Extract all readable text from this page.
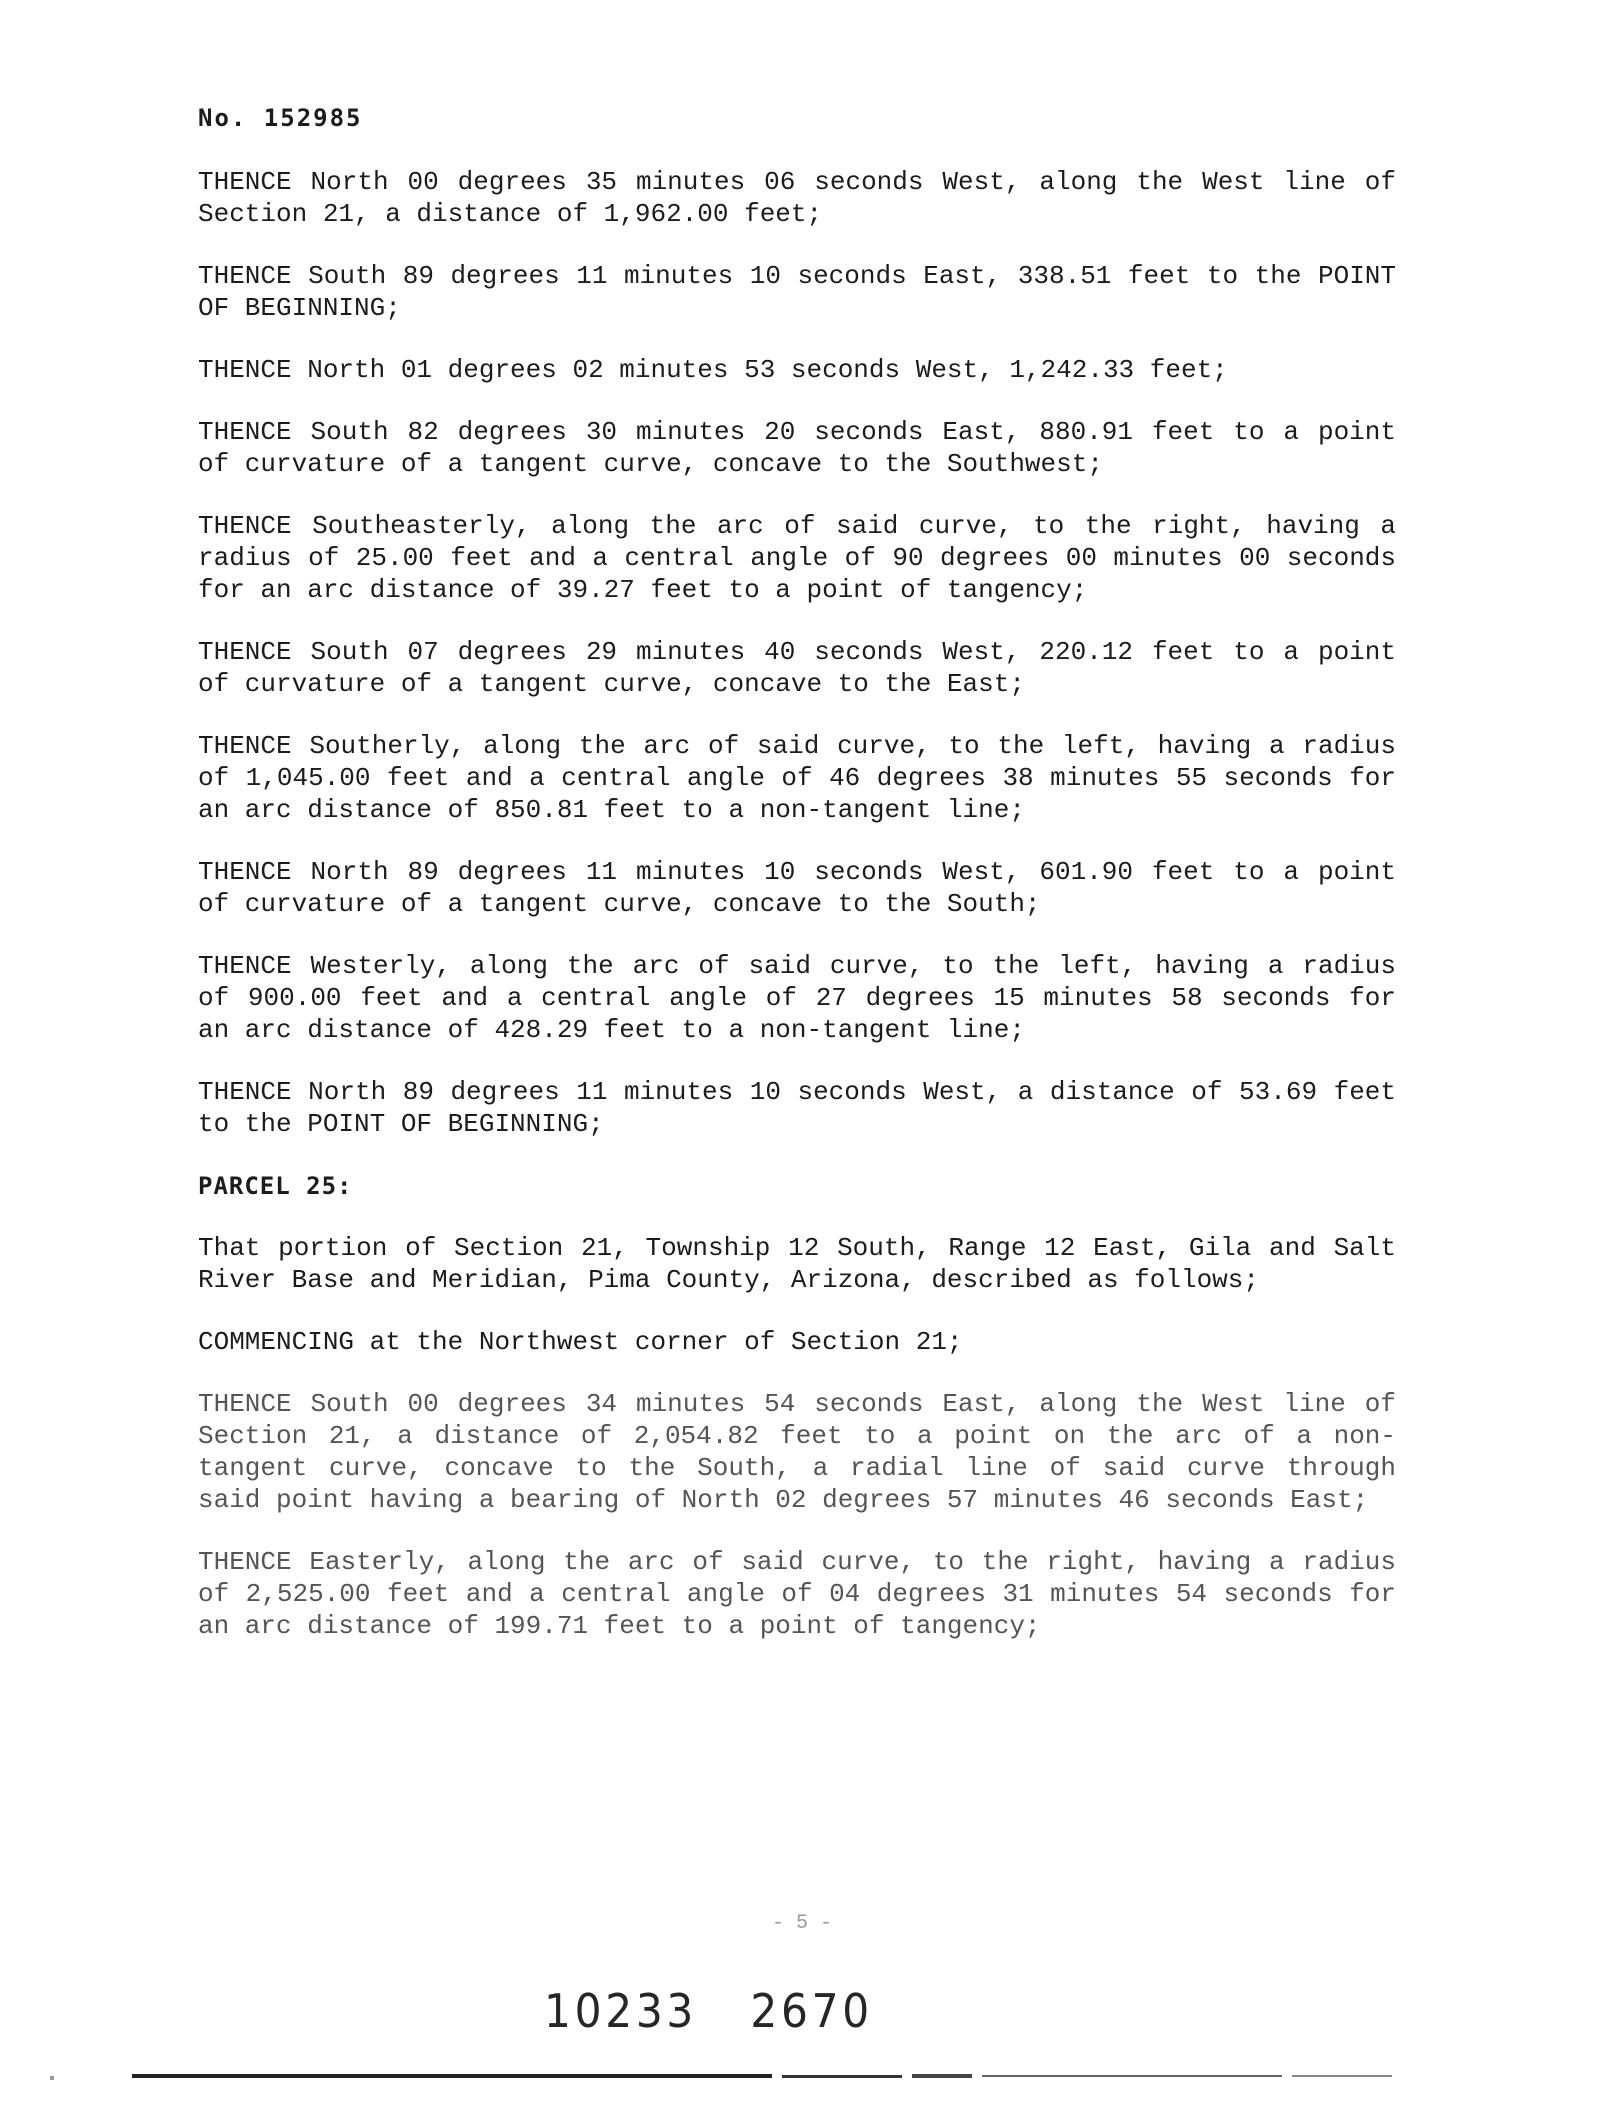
No. 152985

THENCE North 00 degrees 35 minutes 06 seconds West, along the West line of Section 21, a distance of 1,962.00 feet;

THENCE South 89 degrees 11 minutes 10 seconds East, 338.51 feet to the POINT OF BEGINNING;

THENCE North 01 degrees 02 minutes 53 seconds West, 1,242.33 feet;

THENCE South 82 degrees 30 minutes 20 seconds East, 880.91 feet to a point of curvature of a tangent curve, concave to the Southwest;

THENCE Southeasterly, along the arc of said curve, to the right, having a radius of 25.00 feet and a central angle of 90 degrees 00 minutes 00 seconds for an arc distance of 39.27 feet to a point of tangency;

THENCE South 07 degrees 29 minutes 40 seconds West, 220.12 feet to a point of curvature of a tangent curve, concave to the East;

THENCE Southerly, along the arc of said curve, to the left, having a radius of 1,045.00 feet and a central angle of 46 degrees 38 minutes 55 seconds for an arc distance of 850.81 feet to a non-tangent line;

THENCE North 89 degrees 11 minutes 10 seconds West, 601.90 feet to a point of curvature of a tangent curve, concave to the South;

THENCE Westerly, along the arc of said curve, to the left, having a radius of 900.00 feet and a central angle of 27 degrees 15 minutes 58 seconds for an arc distance of 428.29 feet to a non-tangent line;

THENCE North 89 degrees 11 minutes 10 seconds West, a distance of 53.69 feet to the POINT OF BEGINNING;

PARCEL 25:

That portion of Section 21, Township 12 South, Range 12 East, Gila and Salt River Base and Meridian, Pima County, Arizona, described as follows;

COMMENCING at the Northwest corner of Section 21;

THENCE South 00 degrees 34 minutes 54 seconds East, along the West line of Section 21, a distance of 2,054.82 feet to a point on the arc of a non-tangent curve, concave to the South, a radial line of said curve through said point having a bearing of North 02 degrees 57 minutes 46 seconds East;

THENCE Easterly, along the arc of said curve, to the right, having a radius of 2,525.00 feet and a central angle of 04 degrees 31 minutes 54 seconds for an arc distance of 199.71 feet to a point of tangency;

- 5 -
10233 2670
